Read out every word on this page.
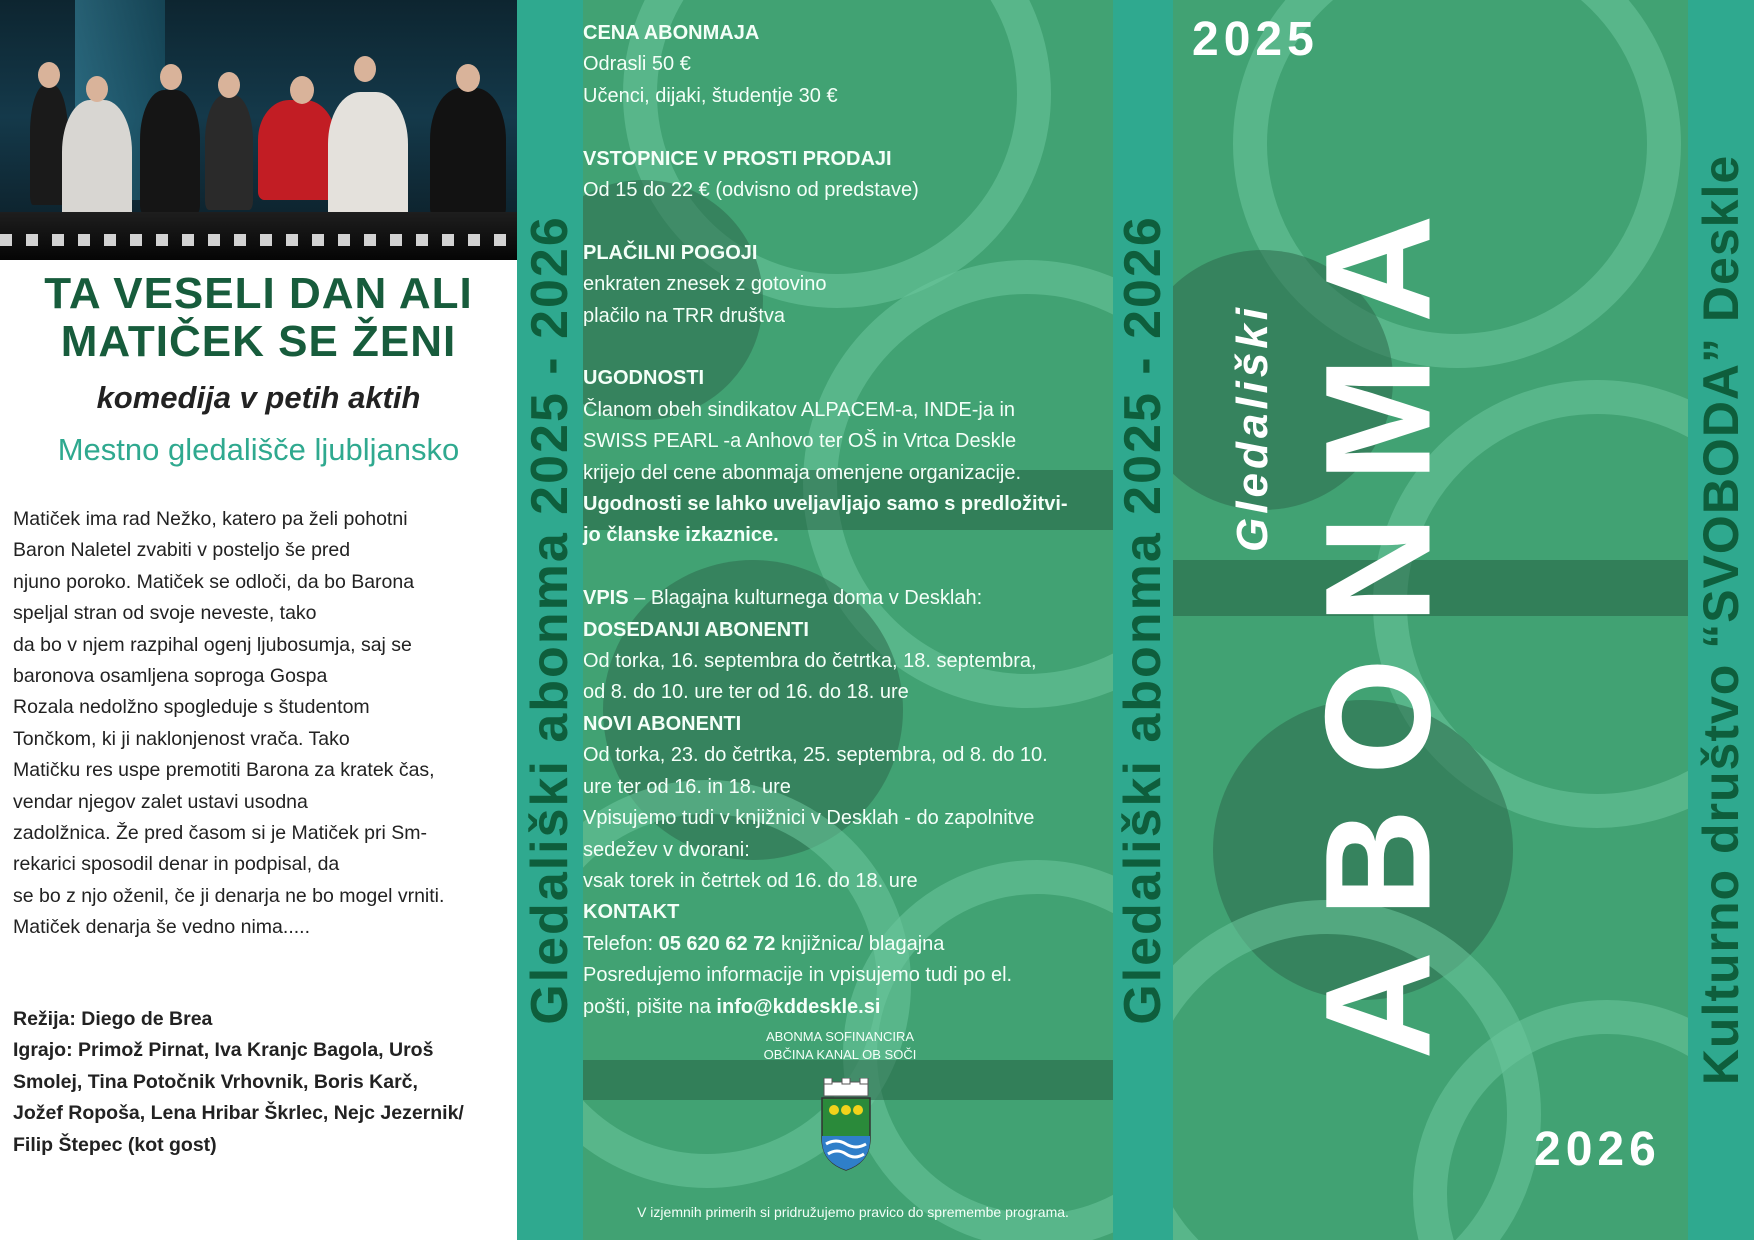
TA VESELI DAN ALI
MATIČEK SE ŽENI
komedija v petih aktih
Mestno gledališče ljubljansko
Matiček ima rad Nežko, katero pa želi pohotni
Baron Naletel zvabiti v posteljo še pred
njuno poroko. Matiček se odloči, da bo Barona
speljal stran od svoje neveste, tako
da bo v njem razpihal ogenj ljubosumja, saj se
baronova osamljena soproga Gospa
Rozala nedolžno spogleduje s študentom
Tončkom, ki ji naklonjenost vrača. Tako
Matičku res uspe premotiti Barona za kratek čas,
vendar njegov zalet ustavi usodna
zadolžnica. Že pred časom si je Matiček pri Sm-
rekarici sposodil denar in podpisal, da
se bo z njo oženil, če ji denarja ne bo mogel vrniti.
Matiček denarja še vedno nima.....
Režija: Diego de Brea
Igrajo: Primož Pirnat, Iva Kranjc Bagola, Uroš
Smolej, Tina Potočnik Vrhovnik, Boris Karč,
Jožef Ropoša, Lena Hribar Škrlec, Nejc Jezernik/
Filip Štepec (kot gost)
Gledališki abonma 2025 - 2026
CENA ABONMAJA
Odrasli 50 €
Učenci, dijaki, študentje 30 €
VSTOPNICE V PROSTI PRODAJI
Od 15 do 22 € (odvisno od predstave)
PLAČILNI POGOJI
enkraten znesek z gotovino
plačilo na TRR društva
UGODNOSTI
Članom obeh sindikatov ALPACEM-a, INDE-ja in
SWISS PEARL -a Anhovo ter OŠ in Vrtca Deskle
krijejo del cene abonmaja omenjene organizacije.
Ugodnosti se lahko uveljavljajo samo s predložitvi-
jo članske izkaznice.
VPIS – Blagajna kulturnega doma v Desklah:
DOSEDANJI ABONENTI
Od torka, 16. septembra do četrtka, 18. septembra,
od 8. do 10. ure ter od 16. do 18. ure
NOVI ABONENTI
Od torka, 23. do četrtka, 25. septembra, od 8. do 10.
ure ter od 16. in 18. ure
Vpisujemo tudi v knjižnici v Desklah - do zapolnitve
sedežev v dvorani:
vsak torek in četrtek od 16. do 18. ure
KONTAKT
Telefon: 05 620 62 72 knjižnica/ blagajna
Posredujemo informacije in vpisujemo tudi po el.
pošti, pišite na info@kddeskle.si
ABONMA SOFINANCIRA
OBČINA KANAL OB SOČI
V izjemnih primerih si pridružujemo pravico do spremembe programa.
Gledališki abonma 2025 - 2026
2025
Gledališki ABONMA
2026
Kulturno društvo “SVOBODA” Deskle
